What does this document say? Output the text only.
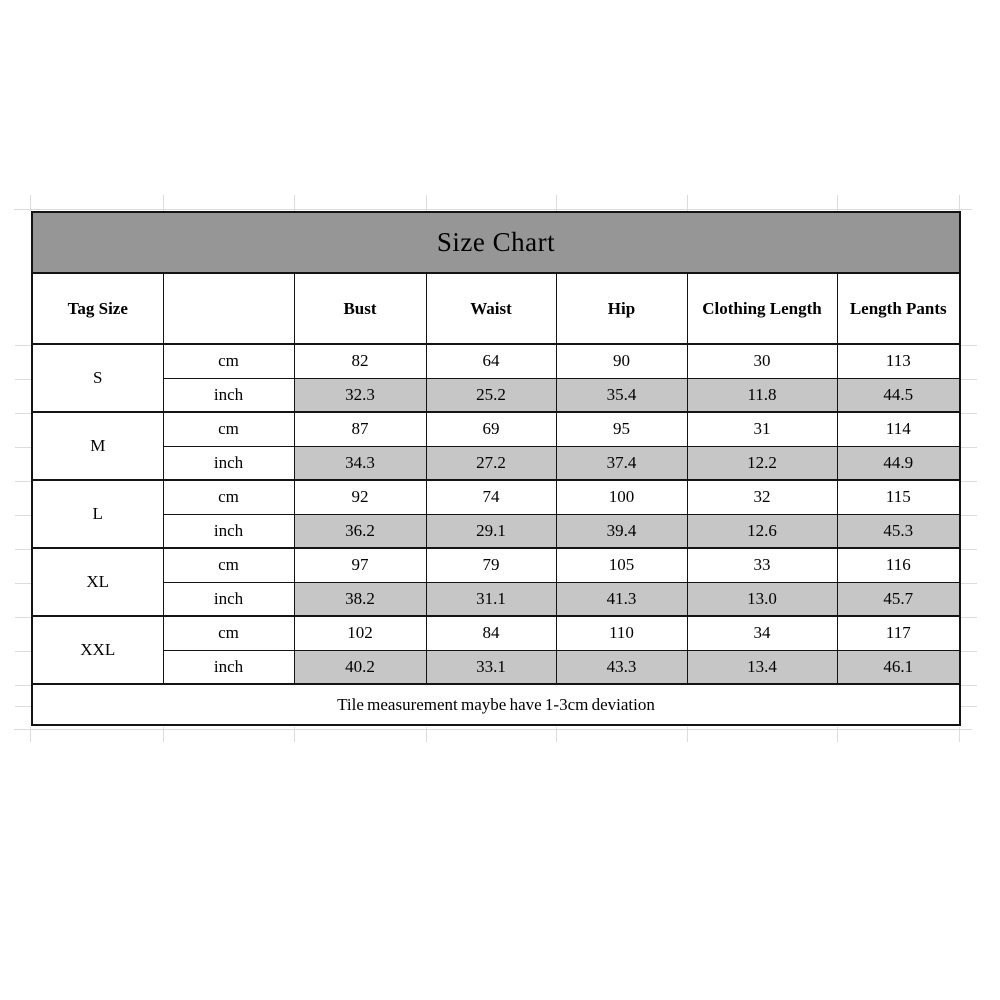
Size Chart						
Tag Size		Bust	Waist	Hip	Clothing Length	Length Pants
S	cm	82	64	90	30	113
	inch	32.3	25.2	35.4	11.8	44.5
M	cm	87	69	95	31	114
	inch	34.3	27.2	37.4	12.2	44.9
L	cm	92	74	100	32	115
	inch	36.2	29.1	39.4	12.6	45.3
XL	cm	97	79	105	33	116
	inch	38.2	31.1	41.3	13.0	45.7
XXL	cm	102	84	110	34	117
	inch	40.2	33.1	43.3	13.4	46.1
Tile measurement maybe have 1-3cm deviation						
